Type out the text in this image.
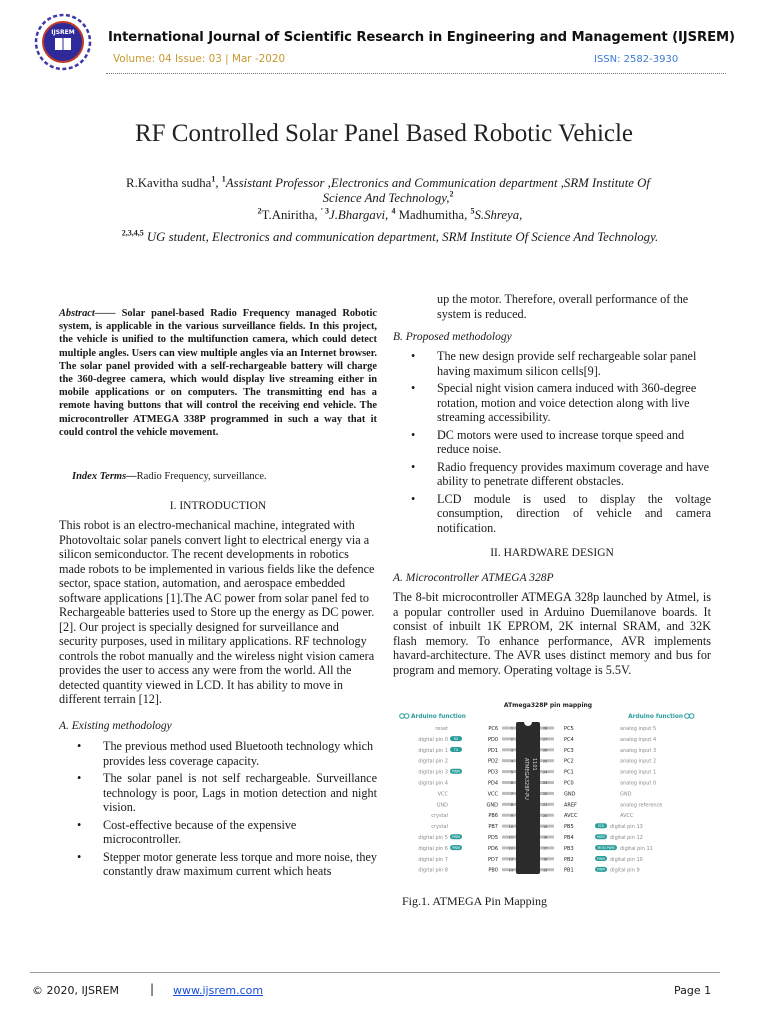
IJSREM	International Journal of Scientific Research in Engineering and Management (IJSREM)
Volume: 04 Issue: 03 | Mar -2020	ISSN: 2582-3930
RF Controlled Solar Panel Based Robotic Vehicle
R.Kavitha sudha$^1$, $^1$Assistant Professor ,Electronics and Communication department ,SRM Institute Of Science And Technology,$^2$
$^2$T.Aniritha, $^{' 3}$J.Bhargavi, $^4$ Madhumitha, $^5$S.Shreya,
$^{2,3,4,5}$ UG student, Electronics and communication department, SRM Institute Of Science And Technology.
Abstract—— Solar panel-based Radio Frequency managed Robotic system, is applicable in the various surveillance fields. In this project, the vehicle is unified to the multifunction camera, which could detect multiple angles. Users can view multiple angles via an Internet browser. The solar panel provided with a self-rechargeable battery will charge the 360-degree camera, which would display live streaming either in mobile applications or on computers. The transmitting end has a remote having buttons that will control the receiving end vehicle. The microcontroller ATMEGA 338P programmed in such a way that it could control the vehicle movement.
Index Terms—Radio Frequency, surveillance.
I. INTRODUCTION
This robot is an electro-mechanical machine, integrated with Photovoltaic solar panels convert light to electrical energy via a silicon semiconductor. The recent developments in robotics made robots to be implemented in various fields like the defence sector, space station, automation, and aerospace embedded software applications [1].The AC power from solar panel fed to Rechargeable batteries used to Store up the energy as DC power.[2]. Our project is specially designed for surveillance and security purposes, used in military applications. RF technology controls the robot manually and the wireless night vision camera provides the user to access any were from the world. All the detected quantity viewed in LCD. It has ability to move in different terrain [12].
A. Existing methodology
• The previous method used Bluetooth technology which provides less coverage capacity.
• The solar panel is not self rechargeable. Surveillance technology is poor, Lags in motion detection and night vision.
• Cost-effective because of the expensive microcontroller.
• Stepper motor generate less torque and more noise, they constantly draw maximum current which heats
up the motor. Therefore, overall performance of the system is reduced.
B. Proposed methodology
• The new design provide self rechargeable solar panel having maximum silicon cells[9].
• Special night vision camera induced with 360-degree rotation, motion and voice detection along with live streaming accessibility.
• DC motors were used to increase torque speed and reduce noise.
• Radio frequency provides maximum coverage and have ability to penetrate different obstacles.
• LCD module is used to display the voltage consumption, direction of vehicle and camera notification.
II. HARDWARE DESIGN
A. Microcontroller ATMEGA 328P
The 8-bit microcontroller ATMEGA 328p launched by Atmel, is a popular controller used in Arduino Duemilanove boards. It consist of inbuilt 1K EPROM, 2K internal SRAM, and 32K flash memory. To enhance performance, AVR implements havard-architecture. The AVR uses distinct memory and bus for program and memory. Operating voltage is 5.5V.
ATmega328P pin mapping
Arduino function	Arduino function
ATMEGA328P-PU 1101
reset	PC6	1
digital pin 0 RX	PD0	2
digital pin 1	TX	PD1	3
digital pin 2	PD2	4
digital pin 3 PWM	PD3	5
digital pin 4	PD4	6
VCC	VCC	7
GND	GND	8
crystal	PB6	9
crystal	PB7	10
digital pin 5 PWM	PD5	11
digital pin 6 PWM	PD6	12
digital pin 7	PD7	13
digital pin 8	PB0	14
28	PC5	analog input 5
27	PC4	analog input 4
26	PC3	analog input 3
25	PC2	analog input 2
24	PC1	analog input 1
23	PC0	analog input 0
22	GND	GND
21	AREF	analog reference
20	AVCC	AVCC
19	PB5	SCK digital pin 13
18	PB4	MISO digital pin 12
17	PB3	MOSI PWM digital pin 11
16	PB2	PWM digital pin 10
15	PB1	PWM digital pin 9
Fig.1. ATMEGA Pin Mapping
© 2020, IJSREM	| www.ijsrem.com	Page 1
